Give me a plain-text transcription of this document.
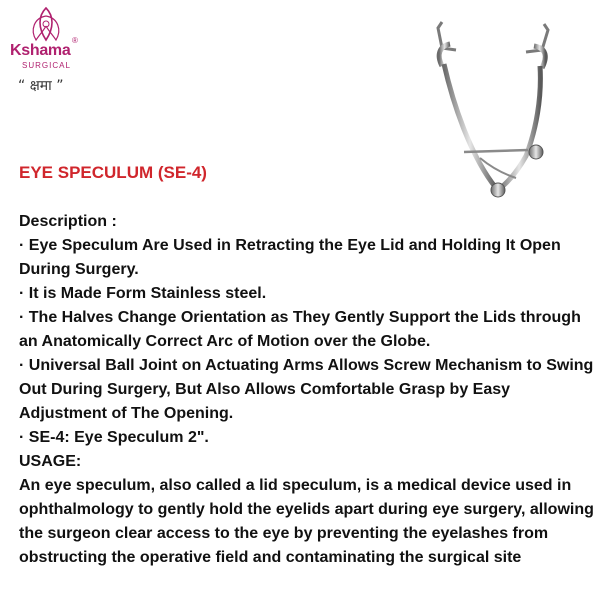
Kshama
®
SURGICAL
“ क्षमा ”
EYE SPECULUM (SE-4)

Description :

· Eye Speculum Are Used in Retracting the Eye Lid and Holding It Open During Surgery.

· It is Made Form Stainless steel.

· The Halves Change Orientation as They Gently Support the Lids through an Anatomically Correct Arc of Motion over the Globe.

· Universal Ball Joint on Actuating Arms Allows Screw Mechanism to Swing Out During Surgery, But Also Allows Comfortable Grasp by Easy Adjustment of The Opening.

· SE-4: Eye Speculum 2".

USAGE:

An eye speculum, also called a lid speculum, is a medical device used in ophthalmology to gently hold the eyelids apart during eye surgery, allowing the surgeon clear access to the eye by preventing the eyelashes from obstructing the operative field and contaminating the surgical site
